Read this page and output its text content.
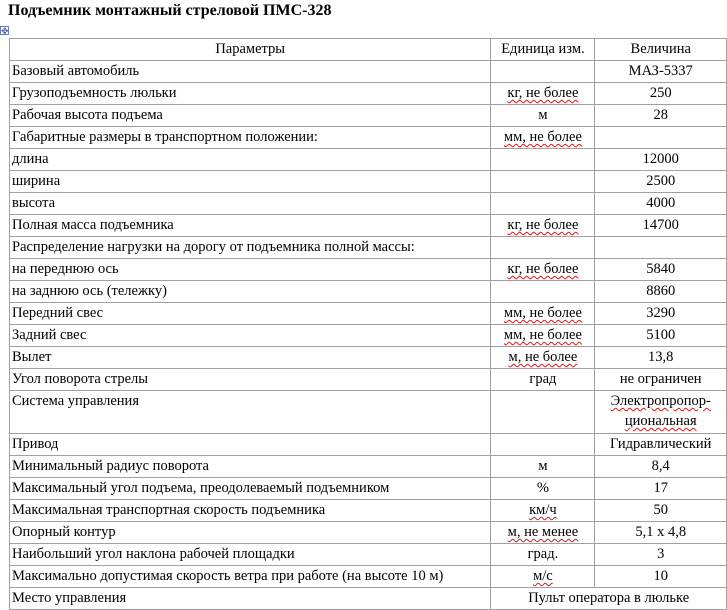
Подъемник монтажный стреловой ПМС-328
✥
Параметры	Единица изм.	Величина
Базовый автомобиль		МАЗ-5337
Грузоподъемность люльки	кг, не более	250
Рабочая высота подъема	м	28
Габаритные размеры в транспортном положении:	мм, не более	
длина		12000
ширина		2500
высота		4000
Полная масса подъемника	кг, не более	14700
Распределение нагрузки на дорогу от подъемника полной массы:		
на переднюю ось	кг, не более	5840
на заднюю ось (тележку)		8860
Передний свес	мм, не более	3290
Задний свес	мм, не более	5100
Вылет	м, не более	13,8
Угол поворота стрелы	град	не ограничен
Система управления		Электропропор-циональная
Привод		Гидравлический
Минимальный радиус поворота	м	8,4
Максимальный угол подъема, преодолеваемый подъемником	%	17
Максимальная транспортная скорость подъемника	км/ч	50
Опорный контур	м, не менее	5,1 х 4,8
Наибольший угол наклона рабочей площадки	град.	3
Максимально допустимая скорость ветра при работе (на высоте 10 м)	м/с	10
Место управления	Пульт оператора в люльке	
